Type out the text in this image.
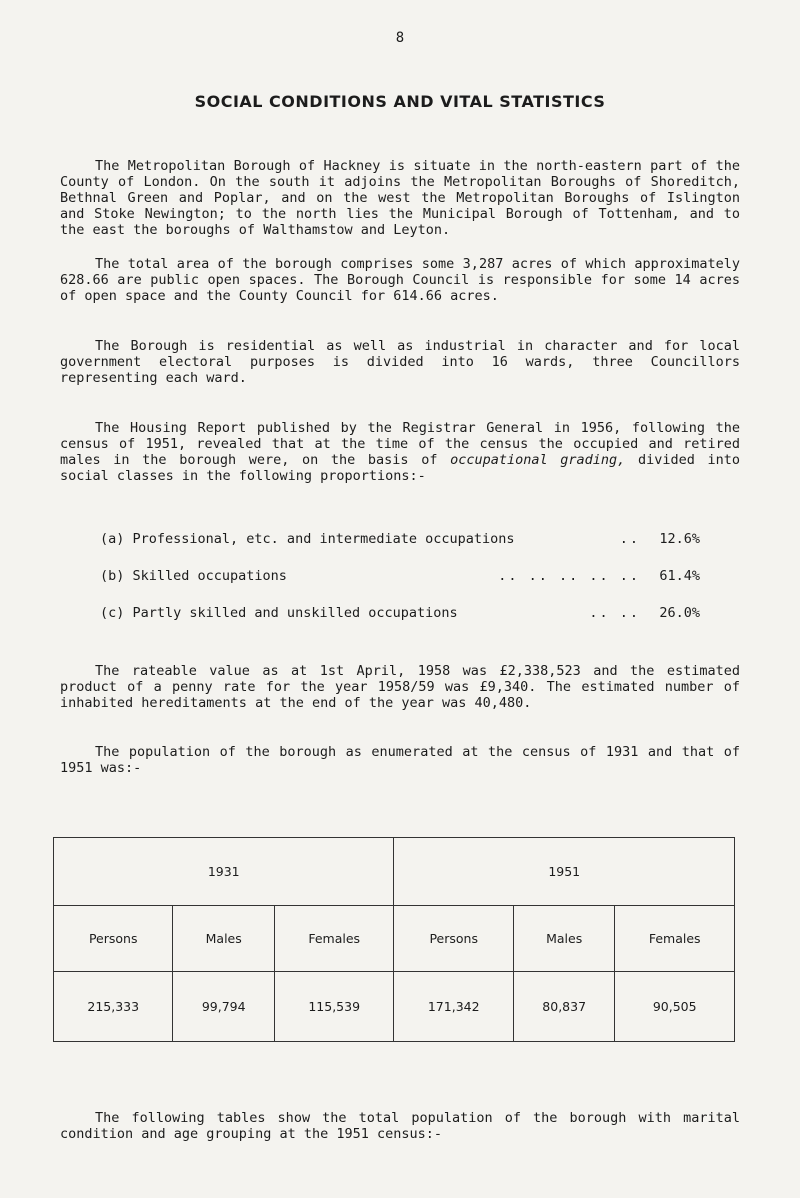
8
SOCIAL CONDITIONS AND VITAL STATISTICS

The Metropolitan Borough of Hackney is situate in the north-eastern part of the County of London. On the south it adjoins the Metropolitan Boroughs of Shoreditch, Bethnal Green and Poplar, and on the west the Metropolitan Boroughs of Islington and Stoke Newington; to the north lies the Municipal Borough of Tottenham, and to the east the boroughs of Walthamstow and Leyton.

The total area of the borough comprises some 3,287 acres of which approximately 628.66 are public open spaces. The Borough Council is responsible for some 14 acres of open space and the County Council for 614.66 acres.

The Borough is residential as well as industrial in character and for local government electoral purposes is divided into 16 wards, three Councillors representing each ward.

The Housing Report published by the Registrar General in 1956, following the census of 1951, revealed that at the time of the census the occupied and retired males in the borough were, on the basis of occupational grading, divided into social classes in the following proportions:-

(a) Professional, etc. and intermediate occupations	.. 12.6%
(b) Skilled occupations	.. .. .. .. .. 61.4%
(c) Partly skilled and unskilled occupations	.. .. 26.0%

The rateable value as at 1st April, 1958 was £2,338,523 and the estimated product of a penny rate for the year 1958/59 was £9,340. The estimated number of inhabited hereditaments at the end of the year was 40,480.

The population of the borough as enumerated at the census of 1931 and that of 1951 was:-

1931			1951		
Persons	Males	Females	Persons	Males	Females
215,333	99,794	115,539	171,342	80,837	90,505

The following tables show the total population of the borough with marital condition and age grouping at the 1951 census:-
